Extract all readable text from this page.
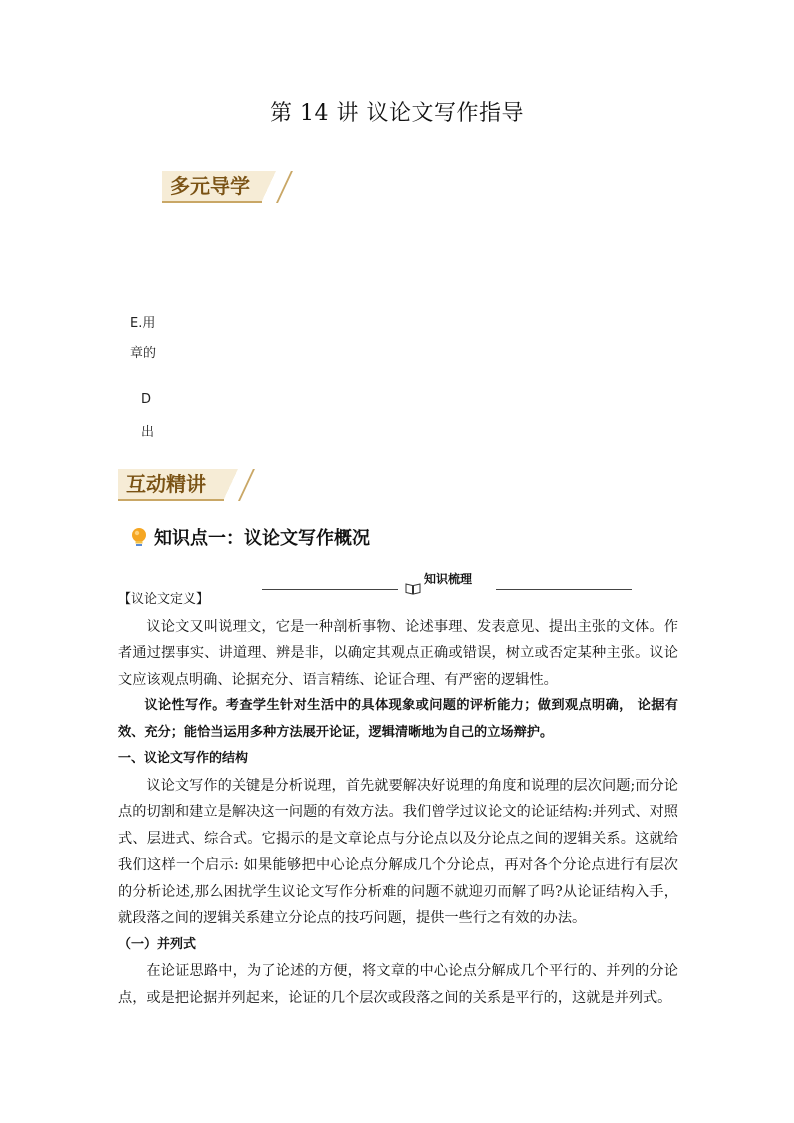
第 14 讲 议论文写作指导
多元导学
E.用
章的
D
出
互动精讲
知识点一：议论文写作概况
知识梳理

【议论文定义】

议论文又叫说理文，它是一种剖析事物、论述事理、发表意见、提出主张的文体。作者通过摆事实、讲道理、辨是非，以确定其观点正确或错误，树立或否定某种主张。议论文应该观点明确、论据充分、语言精练、论证合理、有严密的逻辑性。

议论性写作。考查学生针对生活中的具体现象或问题的评析能力；做到观点明确， 论据有效、充分；能恰当运用多种方法展开论证，逻辑清晰地为自己的立场辩护。

一、议论文写作的结构

议论文写作的关键是分析说理，首先就要解决好说理的角度和说理的层次问题;而分论点的切割和建立是解决这一问题的有效方法。我们曾学过议论文的论证结构:并列式、对照式、层进式、综合式。它揭示的是文章论点与分论点以及分论点之间的逻辑关系。这就给我们这样一个启示: 如果能够把中心论点分解成几个分论点，再对各个分论点进行有层次的分析论述,那么困扰学生议论文写作分析难的问题不就迎刃而解了吗?从论证结构入手，就段落之间的逻辑关系建立分论点的技巧问题，提供一些行之有效的办法。

（一）并列式

在论证思路中，为了论述的方便，将文章的中心论点分解成几个平行的、并列的分论点，或是把论据并列起来，论证的几个层次或段落之间的关系是平行的，这就是并列式。
